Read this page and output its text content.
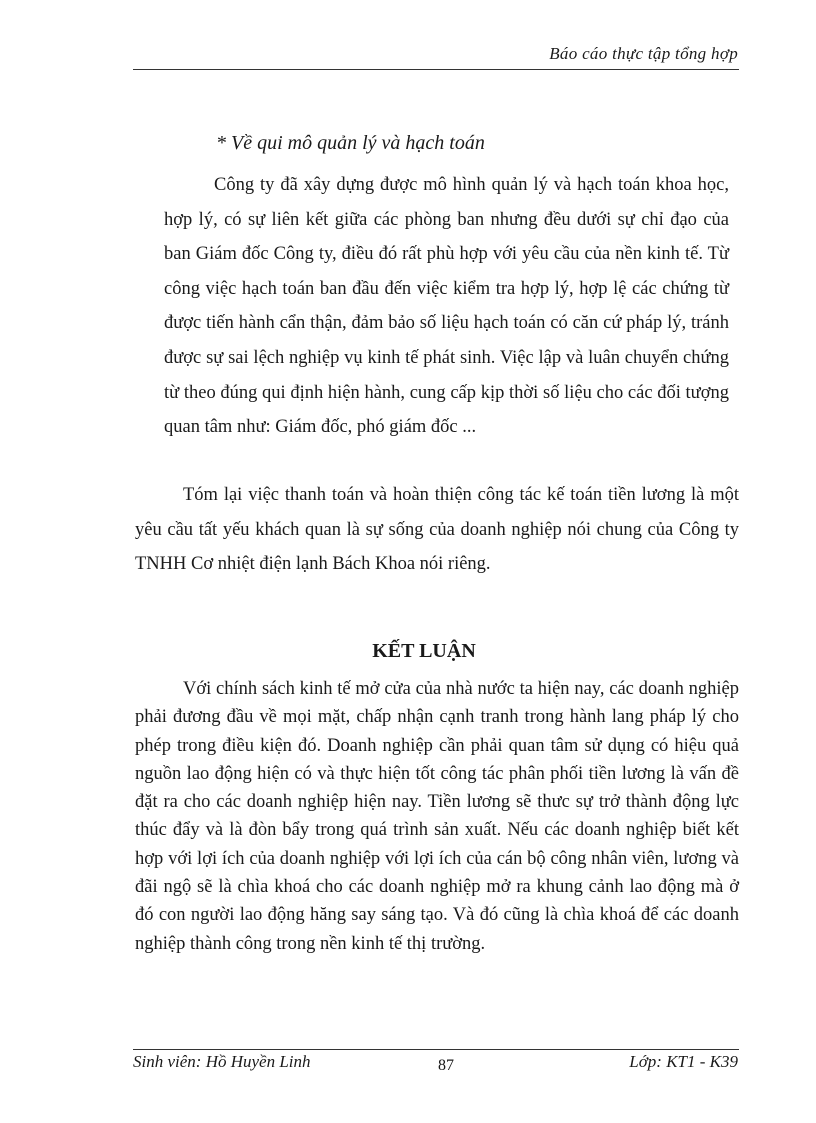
Báo cáo thực tập tổng hợp
* Về qui mô quản lý và hạch toán

Công ty đã xây dựng được mô hình quản lý và hạch toán khoa học, hợp lý, có sự liên kết giữa các phòng ban nhưng đều dưới sự chỉ đạo của ban Giám đốc Công ty, điều đó rất phù hợp với yêu cầu của nền kinh tế. Từ công việc hạch toán ban đầu đến việc kiểm tra hợp lý, hợp lệ các chứng từ được tiến hành cẩn thận, đảm bảo số liệu hạch toán có căn cứ pháp lý, tránh được sự sai lệch nghiệp vụ kinh tế phát sinh. Việc lập và luân chuyển chứng từ theo đúng qui định hiện hành, cung cấp kịp thời số liệu cho các đối tượng quan tâm như: Giám đốc, phó giám đốc ...

Tóm lại việc thanh toán và hoàn thiện công tác kế toán tiền lương là một yêu cầu tất yếu khách quan là sự sống của doanh nghiệp nói chung của Công ty TNHH Cơ nhiệt điện lạnh Bách Khoa nói riêng.

KẾT LUẬN

Với chính sách kinh tế mở cửa của nhà nước ta hiện nay, các doanh nghiệp phải đương đầu về mọi mặt, chấp nhận cạnh tranh trong hành lang pháp lý cho phép trong điều kiện đó. Doanh nghiệp cần phải quan tâm sử dụng có hiệu quả nguồn lao động hiện có và thực hiện tốt công tác phân phối tiền lương là vấn đề đặt ra cho các doanh nghiệp hiện nay. Tiền lương sẽ thưc sự trở thành động lực thúc đẩy và là đòn bẩy trong quá trình sản xuất. Nếu các doanh nghiệp biết kết hợp với lợi ích của doanh nghiệp với lợi ích của cán bộ công nhân viên, lương và đãi ngộ sẽ là chìa khoá cho các doanh nghiệp mở ra khung cảnh lao động mà ở đó con người lao động hăng say sáng tạo. Và đó cũng là chìa khoá để các doanh nghiệp thành công trong nền kinh tế thị trường.

Sinh viên: Hồ Huyền Linh	87	Lớp: KT1 - K39
